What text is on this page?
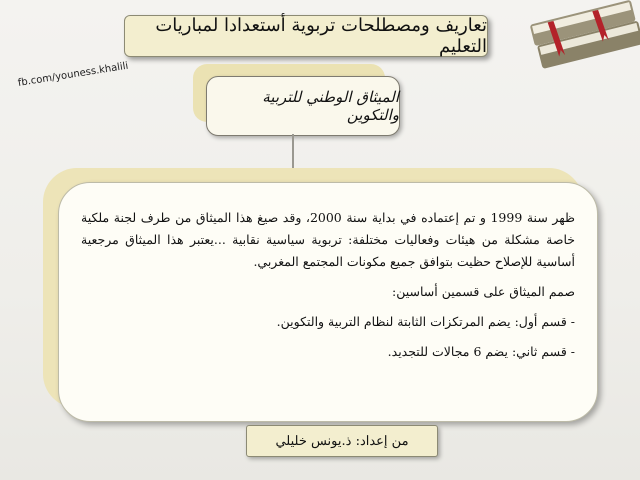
تعاريف ومصطلحات تربوية أستعدادا لمباريات التعليم
fb.com/youness.khalili
الميثاق الوطني للتربية والتكوين

ظهر سنة 1999 و تم إعتماده في بداية سنة 2000، وقد صيغ هذا الميثاق من طرف لجنة ملكية خاصة مشكلة من هيئات وفعاليات مختلفة: تربوية سياسية نقابية ...يعتبر هذا الميثاق مرجعية أساسية للإصلاح حظيت بتوافق جميع مكونات المجتمع المغربي.

صمم الميثاق على قسمين أساسين:

- قسم أول: يضم المرتكزات الثابتة لنظام التربية والتكوين.

- قسم ثاني: يضم 6 مجالات للتجديد.

من إعداد: ذ.يونس خليلي
